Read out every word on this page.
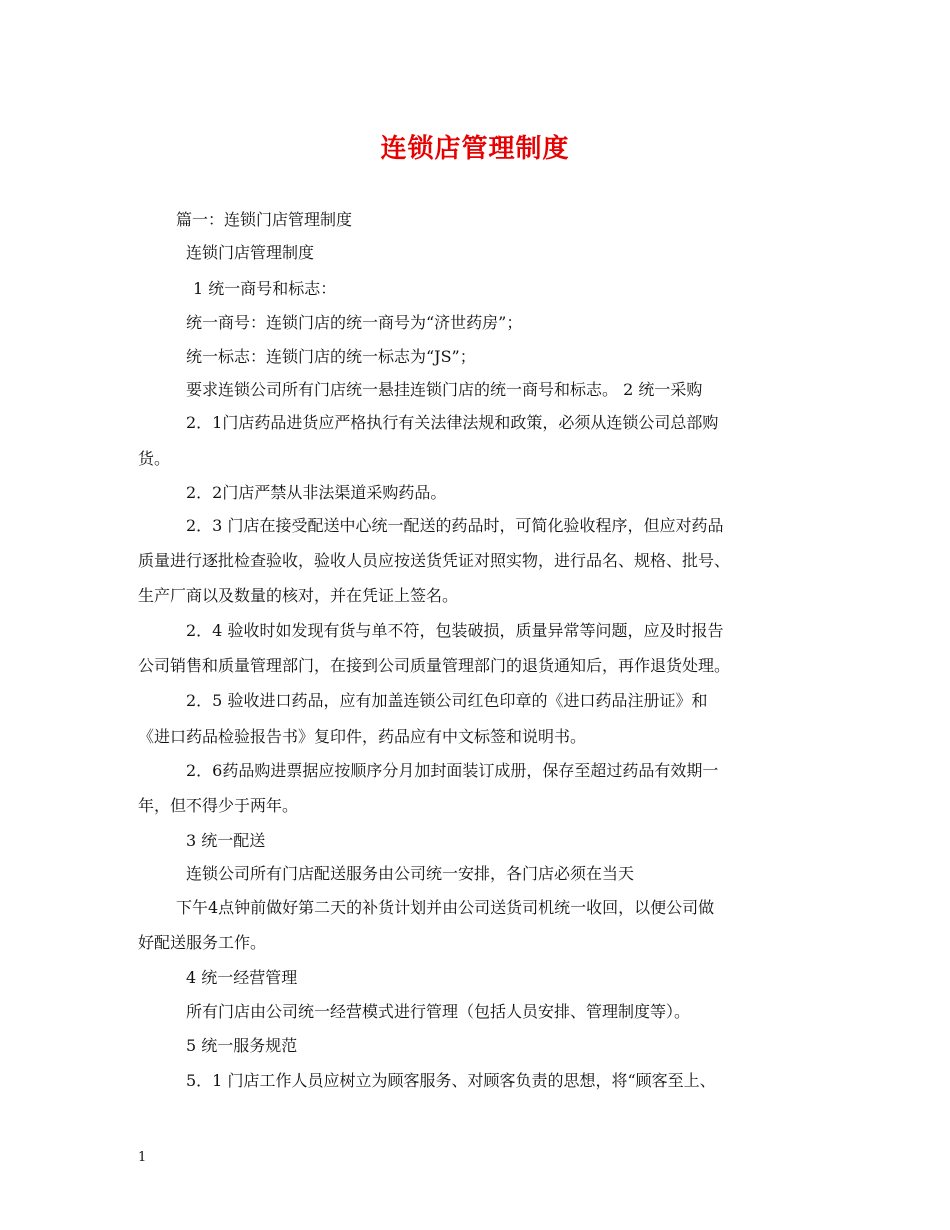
连锁店管理制度
篇一：连锁门店管理制度
连锁门店管理制度
1 统一商号和标志：
统一商号：连锁门店的统一商号为“济世药房”；
统一标志：连锁门店的统一标志为“JS”；
要求连锁公司所有门店统一悬挂连锁门店的统一商号和标志。 2 统一采购
2．1门店药品进货应严格执行有关法律法规和政策，必须从连锁公司总部购
货。
2．2门店严禁从非法渠道采购药品。
2．3 门店在接受配送中心统一配送的药品时，可简化验收程序，但应对药品
质量进行逐批检查验收，验收人员应按送货凭证对照实物，进行品名、规格、批号、
生产厂商以及数量的核对，并在凭证上签名。
2．4 验收时如发现有货与单不符，包装破损，质量异常等问题，应及时报告
公司销售和质量管理部门，在接到公司质量管理部门的退货通知后，再作退货处理。
2．5 验收进口药品，应有加盖连锁公司红色印章的《进口药品注册证》和
《进口药品检验报告书》复印件，药品应有中文标签和说明书。
2．6药品购进票据应按顺序分月加封面装订成册，保存至超过药品有效期一
年，但不得少于两年。
3 统一配送
连锁公司所有门店配送服务由公司统一安排，各门店必须在当天
下午4点钟前做好第二天的补货计划并由公司送货司机统一收回，以便公司做
好配送服务工作。
4 统一经营管理
所有门店由公司统一经营模式进行管理（包括人员安排、管理制度等）。
5 统一服务规范
5．1 门店工作人员应树立为顾客服务、对顾客负责的思想，将“顾客至上、
1
